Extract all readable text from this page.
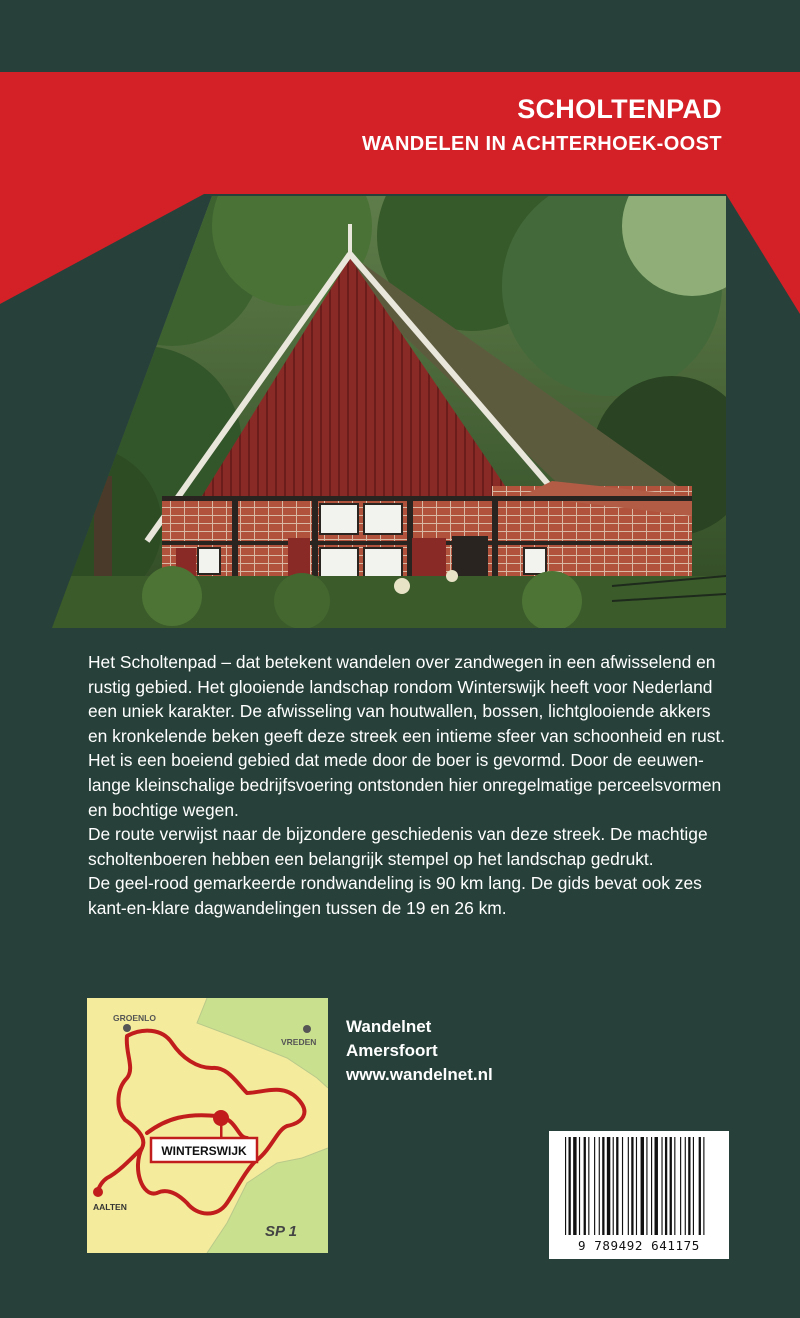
SCHOLTENPAD
WANDELEN IN ACHTERHOEK-OOST

Het Scholtenpad – dat betekent wandelen over zandwegen in een afwisselend en rustig gebied. Het glooiende landschap rondom Winterswijk heeft voor Nederland een uniek karakter. De afwisseling van houtwallen, bossen, lichtglooiende akkers en kronkelende beken geeft deze streek een intieme sfeer van schoonheid en rust. Het is een boeiend gebied dat mede door de boer is gevormd. Door de eeuwen-lange kleinschalige bedrijfsvoering ontstonden hier onregelmatige perceelsvormen en bochtige wegen.

De route verwijst naar de bijzondere geschiedenis van deze streek. De machtige scholtenboeren hebben een belangrijk stempel op het landschap gedrukt.

De geel-rood gemarkeerde rondwandeling is 90 km lang. De gids bevat ook zes kant-en-klare dagwandelingen tussen de 19 en 26 km.

GROENLO
VREDEN
WINTERSWIJK
AALTEN
SP 1
Wandelnet
Amersfoort
www.wandelnet.nl
9 789492 641175
